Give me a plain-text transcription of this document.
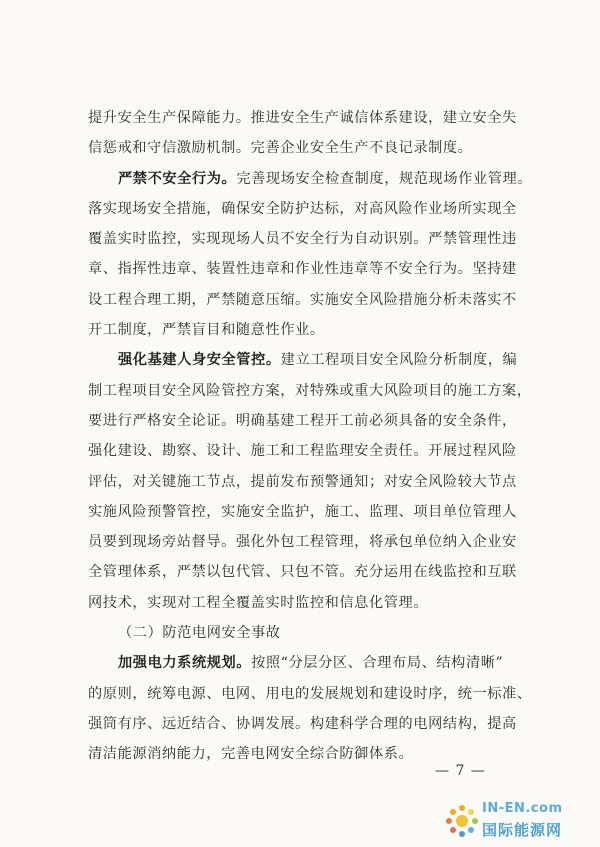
提升安全生产保障能力。推进安全生产诚信体系建设，建立安全失
信惩戒和守信激励机制。完善企业安全生产不良记录制度。
严禁不安全行为。完善现场安全检查制度，规范现场作业管理。
落实现场安全措施，确保安全防护达标，对高风险作业场所实现全
覆盖实时监控，实现现场人员不安全行为自动识别。严禁管理性违
章、指挥性违章、装置性违章和作业性违章等不安全行为。坚持建
设工程合理工期，严禁随意压缩。实施安全风险措施分析未落实不
开工制度，严禁盲目和随意性作业。
强化基建人身安全管控。建立工程项目安全风险分析制度，编
制工程项目安全风险管控方案，对特殊或重大风险项目的施工方案，
要进行严格安全论证。明确基建工程开工前必须具备的安全条件，
强化建设、勘察、设计、施工和工程监理安全责任。开展过程风险
评估，对关键施工节点，提前发布预警通知；对安全风险较大节点
实施风险预警管控，实施安全监护，施工、监理、项目单位管理人
员要到现场旁站督导。强化外包工程管理，将承包单位纳入企业安
全管理体系，严禁以包代管、只包不管。充分运用在线监控和互联
网技术，实现对工程全覆盖实时监控和信息化管理。
（二）防范电网安全事故
加强电力系统规划。按照“分层分区、合理布局、结构清晰”
的原则，统筹电源、电网、用电的发展规划和建设时序，统一标准、
强筒有序、远近结合、协调发展。构建科学合理的电网结构，提高
清洁能源消纳能力，完善电网安全综合防御体系。
— 7 —
IN-EN.com
国际能源网
